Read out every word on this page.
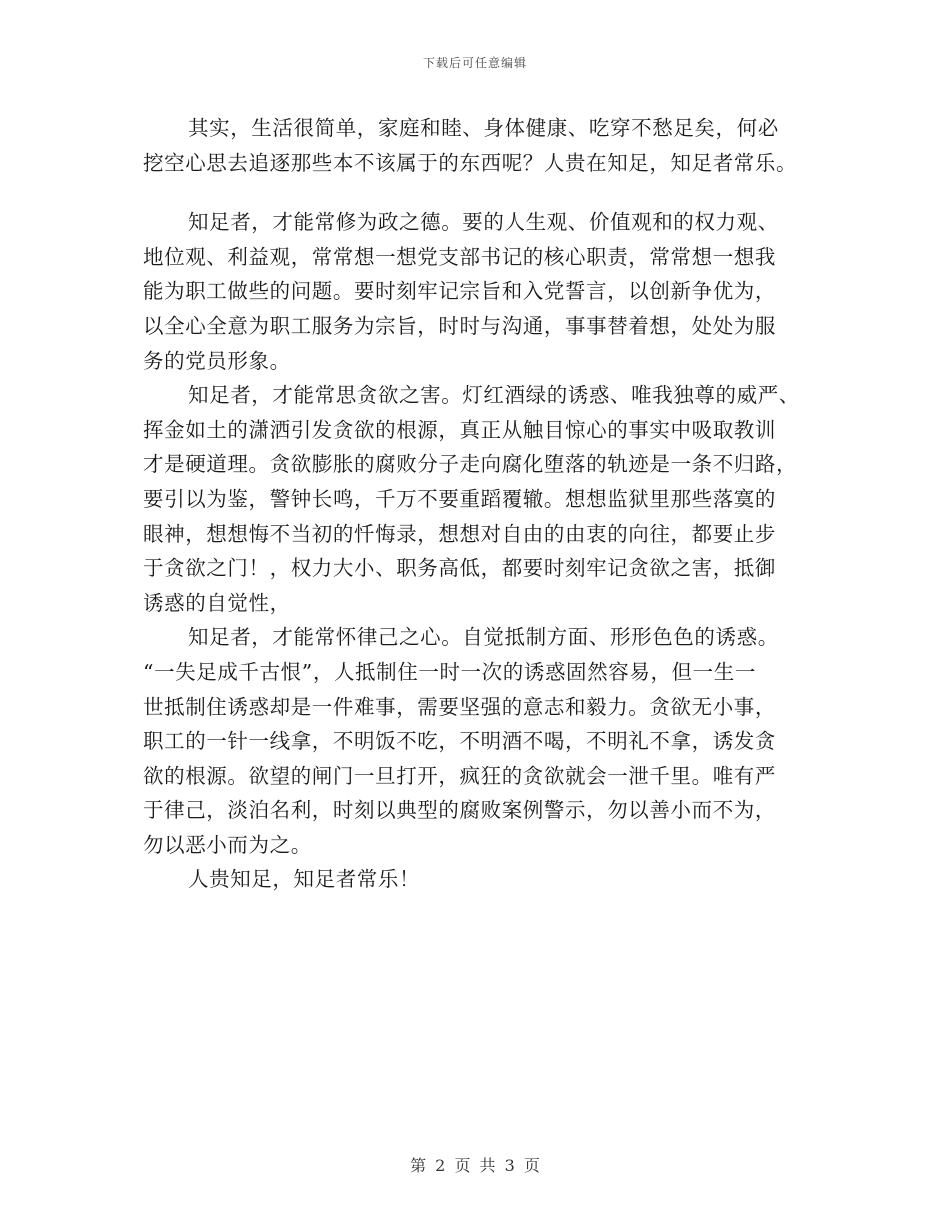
下载后可任意编辑
其实，生活很简单，家庭和睦、身体健康、吃穿不愁足矣，何必
挖空心思去追逐那些本不该属于的东西呢？人贵在知足，知足者常乐。
知足者，才能常修为政之德。要的人生观、价值观和的权力观、
地位观、利益观，常常想一想党支部书记的核心职责，常常想一想我
能为职工做些的问题。要时刻牢记宗旨和入党誓言，以创新争优为，
以全心全意为职工服务为宗旨，时时与沟通，事事替着想，处处为服
务的党员形象。
知足者，才能常思贪欲之害。灯红酒绿的诱惑、唯我独尊的威严、
挥金如土的潇洒引发贪欲的根源，真正从触目惊心的事实中吸取教训
才是硬道理。贪欲膨胀的腐败分子走向腐化堕落的轨迹是一条不归路，
要引以为鉴，警钟长鸣，千万不要重蹈覆辙。想想监狱里那些落寞的
眼神，想想悔不当初的忏悔录，想想对自由的由衷的向往，都要止步
于贪欲之门！，权力大小、职务高低，都要时刻牢记贪欲之害，抵御
诱惑的自觉性，
知足者，才能常怀律己之心。自觉抵制方面、形形色色的诱惑。
“一失足成千古恨”，人抵制住一时一次的诱惑固然容易，但一生一
世抵制住诱惑却是一件难事，需要坚强的意志和毅力。贪欲无小事，
职工的一针一线拿，不明饭不吃，不明酒不喝，不明礼不拿，诱发贪
欲的根源。欲望的闸门一旦打开，疯狂的贪欲就会一泄千里。唯有严
于律己，淡泊名利，时刻以典型的腐败案例警示，勿以善小而不为，
勿以恶小而为之。
人贵知足，知足者常乐！
第 2 页 共 3 页
